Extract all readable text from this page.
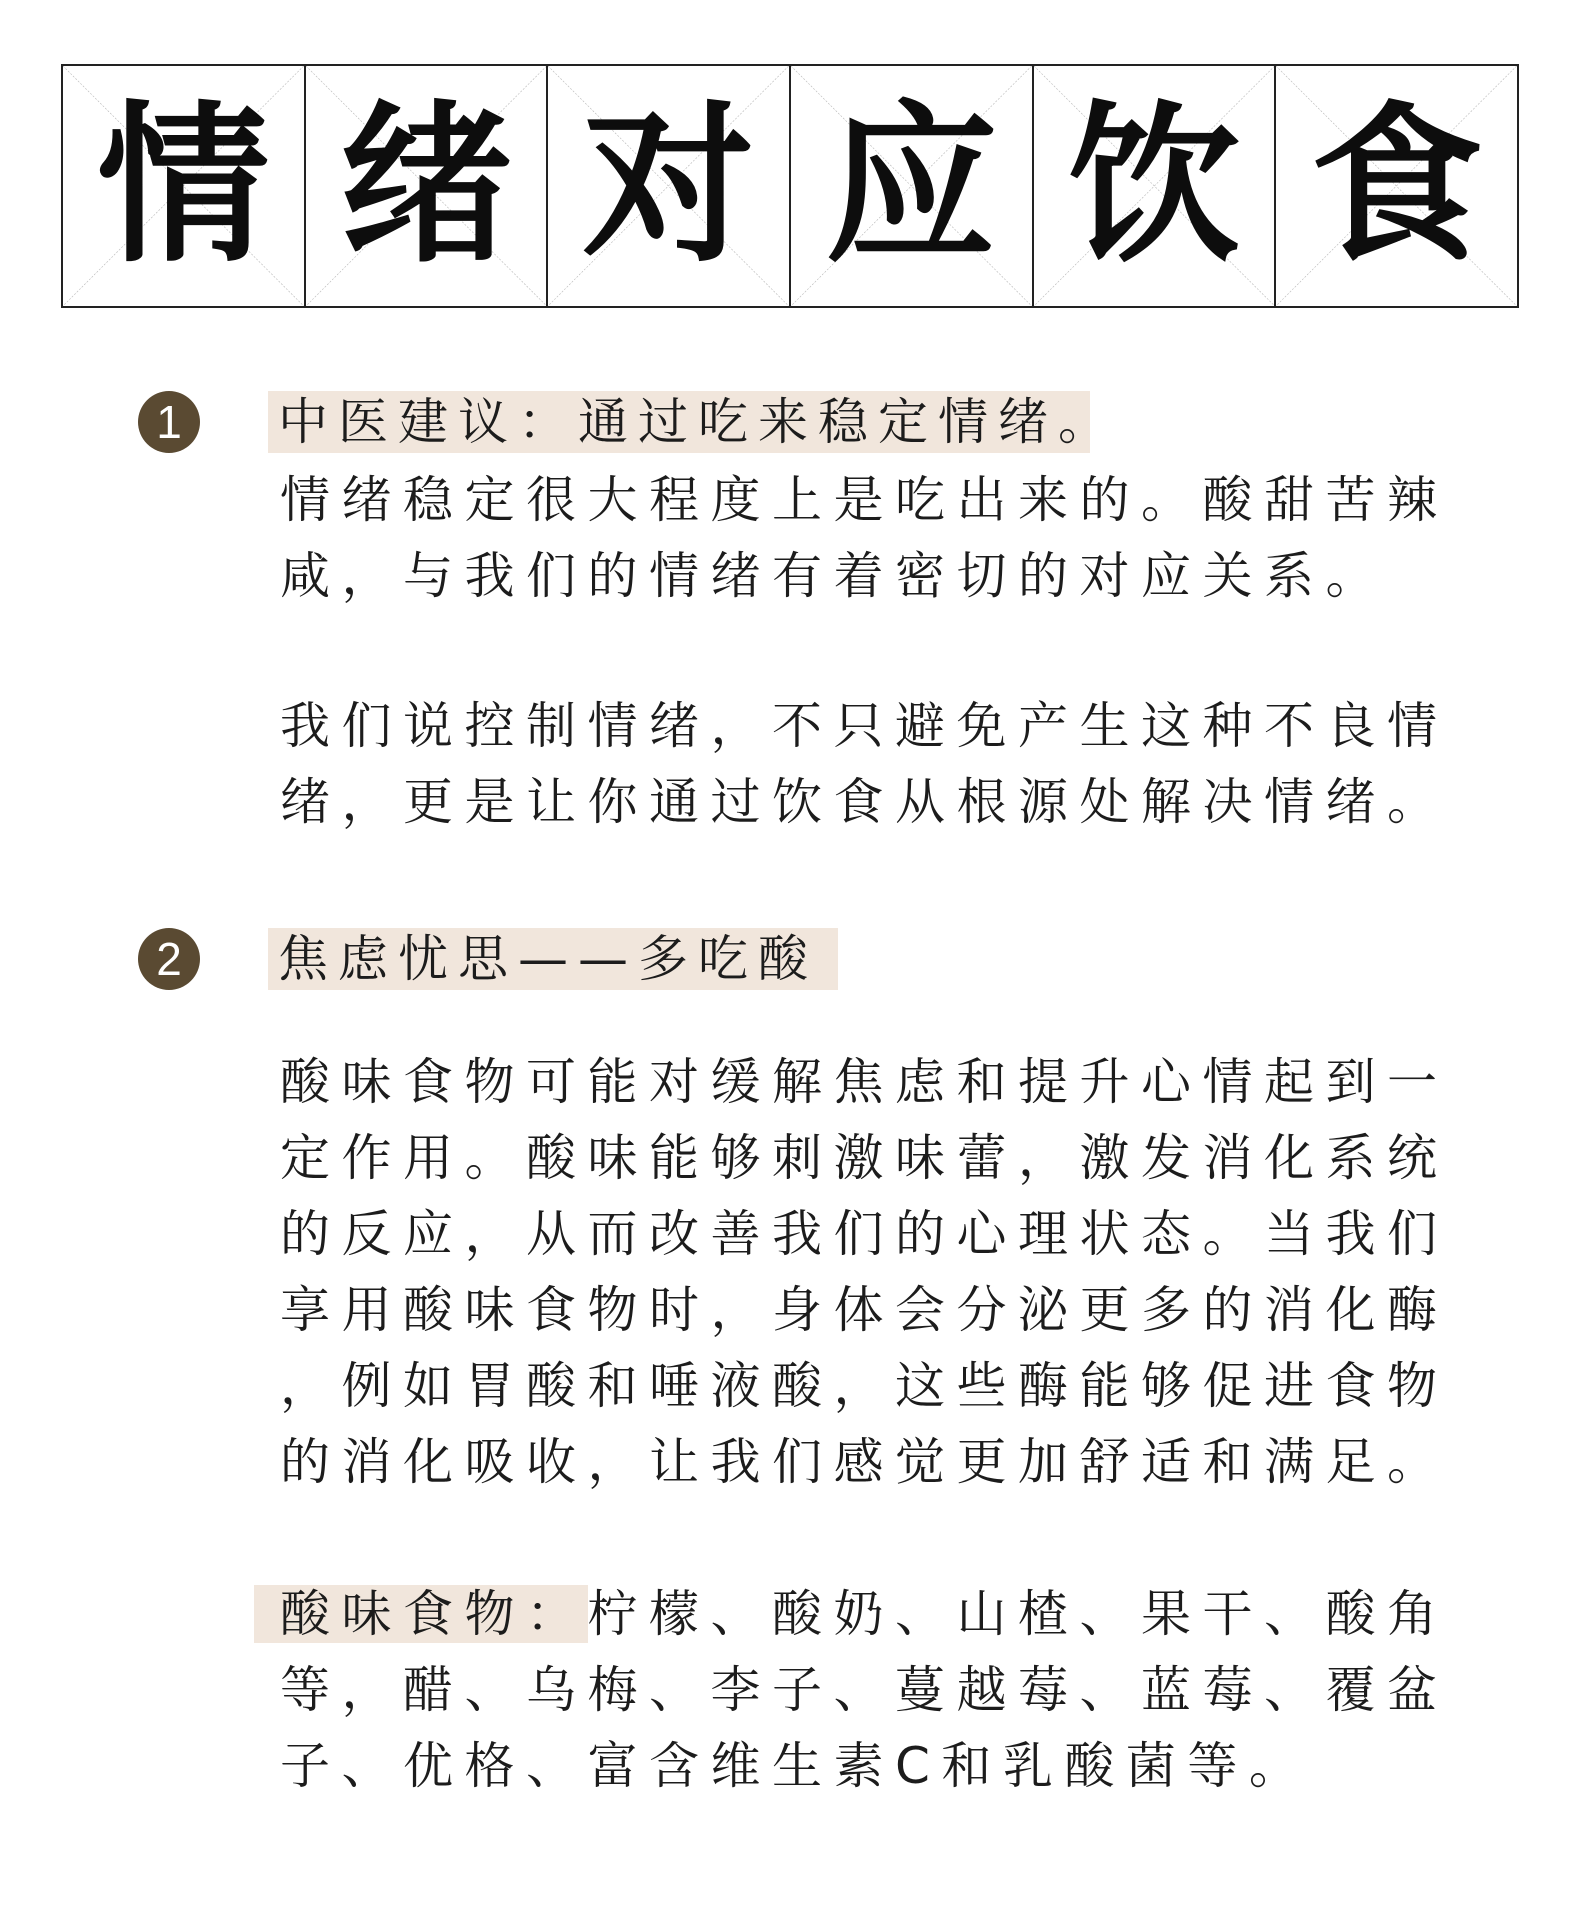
情 绪 对 应 饮 食
1	中医建议：通过吃来稳定情绪。
情绪稳定很大程度上是吃出来的。酸甜苦辣
咸，与我们的情绪有着密切的对应关系。
我们说控制情绪，不只避免产生这种不良情
绪，更是让你通过饮食从根源处解决情绪。
2	焦虑忧思——多吃酸
酸味食物可能对缓解焦虑和提升心情起到一
定作用。酸味能够刺激味蕾，激发消化系统
的反应，从而改善我们的心理状态。当我们
享用酸味食物时，身体会分泌更多的消化酶
，例如胃酸和唾液酸，这些酶能够促进食物
的消化吸收，让我们感觉更加舒适和满足。
酸味食物：柠檬、酸奶、山楂、果干、酸角
等，醋、乌梅、李子、蔓越莓、蓝莓、覆盆
子、优格、富含维生素C和乳酸菌等。
